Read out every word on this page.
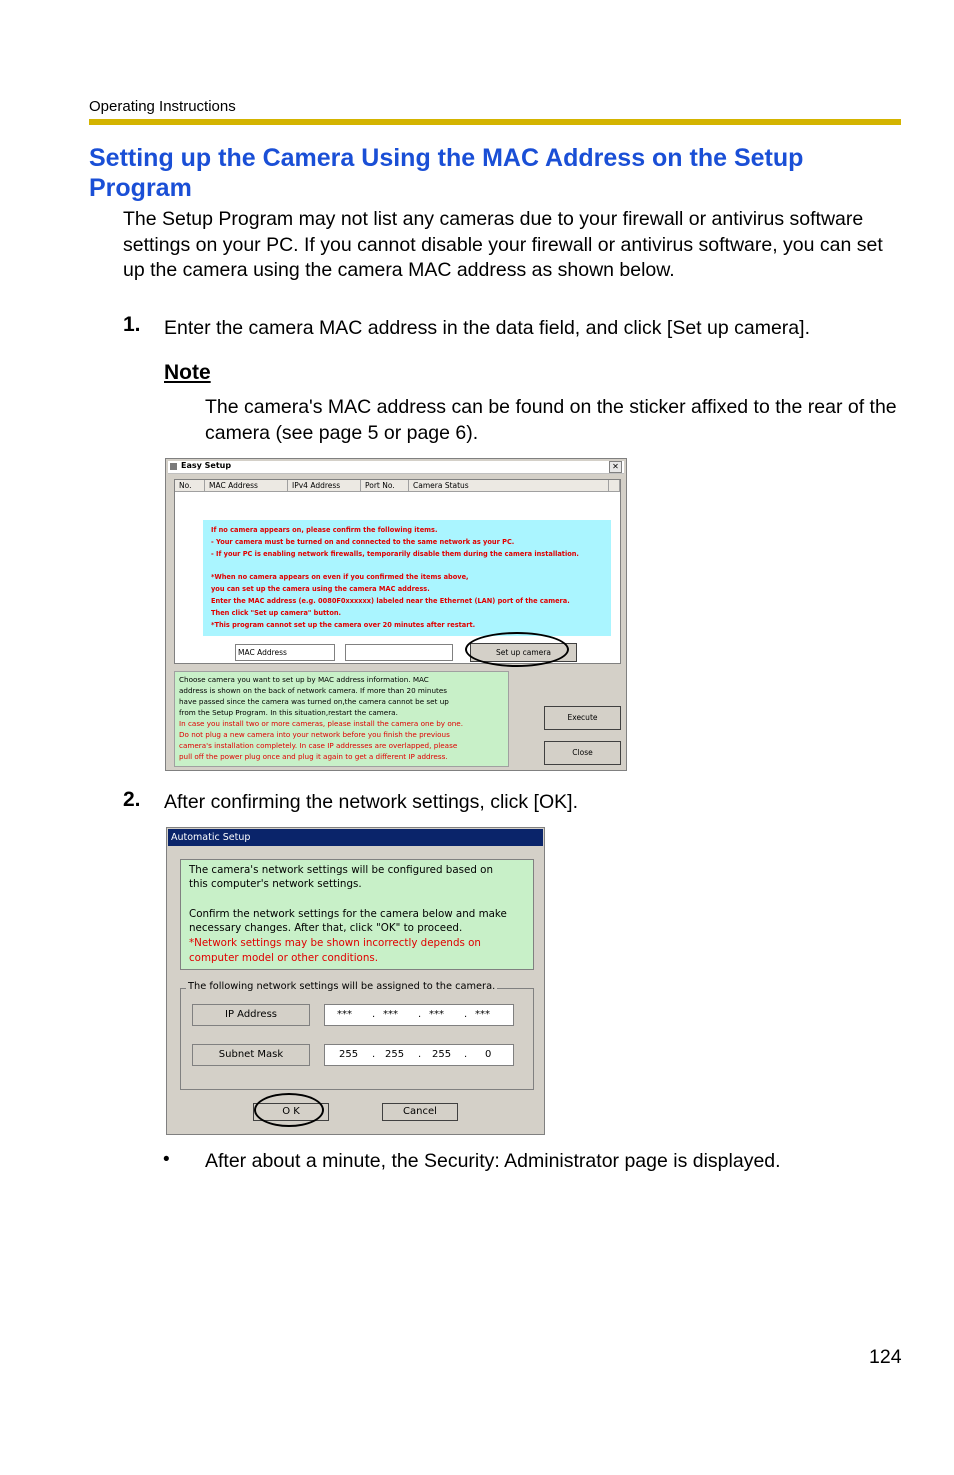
Operating Instructions
Setting up the Camera Using the MAC Address on the Setup Program
The Setup Program may not list any cameras due to your firewall or antivirus software settings on your PC. If you cannot disable your firewall or antivirus software, you can set up the camera using the camera MAC address as shown below.
1. Enter the camera MAC address in the data field, and click [Set up camera].
Note
The camera's MAC address can be found on the sticker affixed to the rear of the camera (see page 5 or page 6).
Easy Setup	✕
No.	MAC Address	IPv4 Address	Port No.	Camera Status
If no camera appears on, please confirm the following items.
- Your camera must be turned on and connected to the same network as your PC.
- If your PC is enabling network firewalls, temporarily disable them during the camera installation.
*When no camera appears on even if you confirmed the items above,
you can set up the camera using the camera MAC address.
Enter the MAC address (e.g. 0080F0xxxxxx) labeled near the Ethernet (LAN) port of the camera.
Then click "Set up camera" button.
*This program cannot set up the camera over 20 minutes after restart.
MAC Address	Set up camera
Choose camera you want to set up by MAC address information. MAC
address is shown on the back of network camera. If more than 20 minutes
have passed since the camera was turned on,the camera cannot be set up
from the Setup Program. In this situation,restart the camera.
In case you install two or more cameras, please install the camera one by one.
Do not plug a new camera into your network before you finish the previous
camera's installation completely. In case IP addresses are overlapped, please
pull off the power plug once and plug it again to get a different IP address.
Execute
Close
2. After confirming the network settings, click [OK].
Automatic Setup
The camera's network settings will be configured based on
this computer's network settings.
Confirm the network settings for the camera below and make
necessary changes. After that, click "OK" to proceed.
*Network settings may be shown incorrectly depends on
computer model or other conditions.
The following network settings will be assigned to the camera.
IP Address	*** . *** . *** . ***
Subnet Mask	255 . 255 . 255 . 0
O K	Cancel
• After about a minute, the Security: Administrator page is displayed.
124
